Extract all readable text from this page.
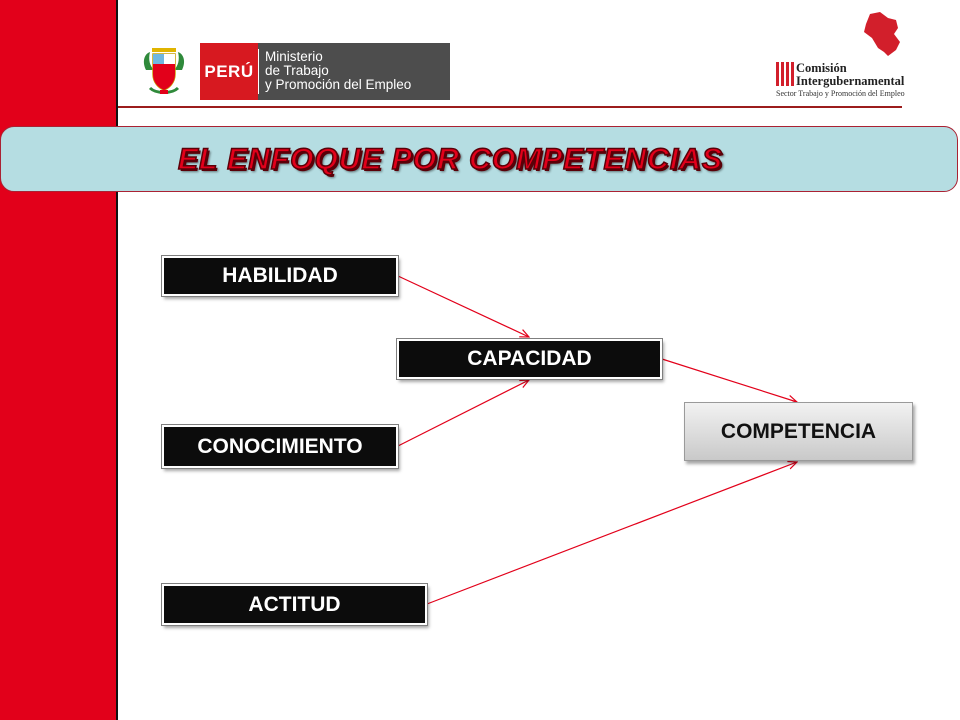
PERÚ
Ministerio
de Trabajo
y Promoción del Empleo
Comisión
Intergubernamental
Sector Trabajo y Promoción del Empleo
EL ENFOQUE POR COMPETENCIAS
HABILIDAD
CAPACIDAD
CONOCIMIENTO
COMPETENCIA
ACTITUD
